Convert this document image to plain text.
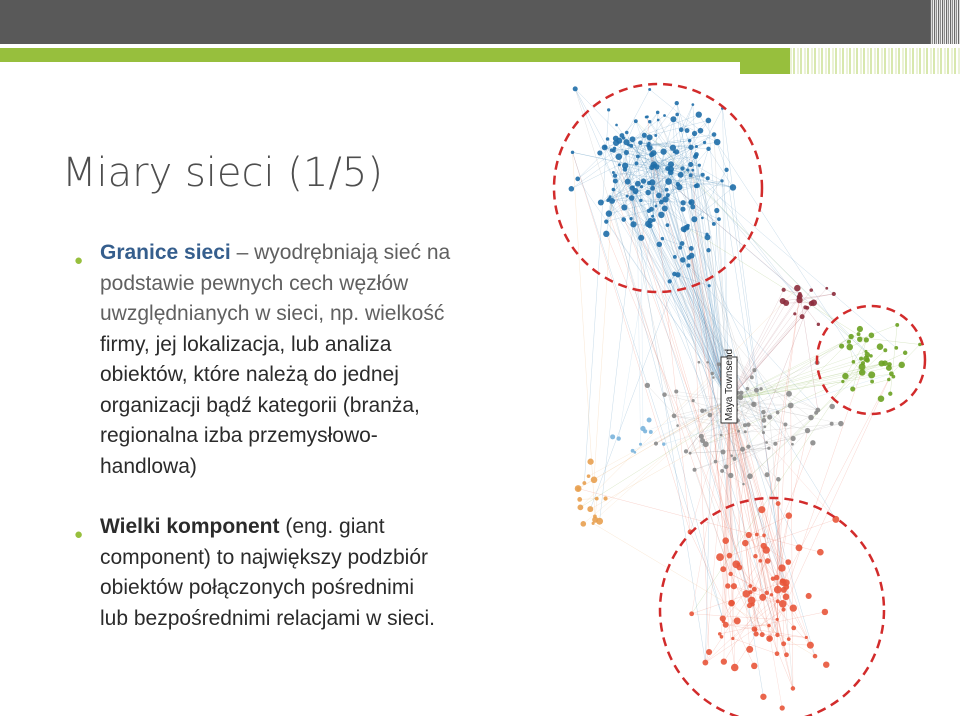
Miary sieci (1/5)
● Granice sieci – wyodrębniają sieć na
podstawie pewnych cech węzłów
uwzględnianych w sieci, np. wielkość
firmy, jej lokalizacja, lub analiza
obiektów, które należą do jednej
organizacji bądź kategorii (branża,
regionalna izba przemysłowo-
handlowa)
● Wielki komponent (eng. giant
component) to największy podzbiór
obiektów połączonych pośrednimi
lub bezpośrednimi relacjami w sieci.
Maya Townsend
